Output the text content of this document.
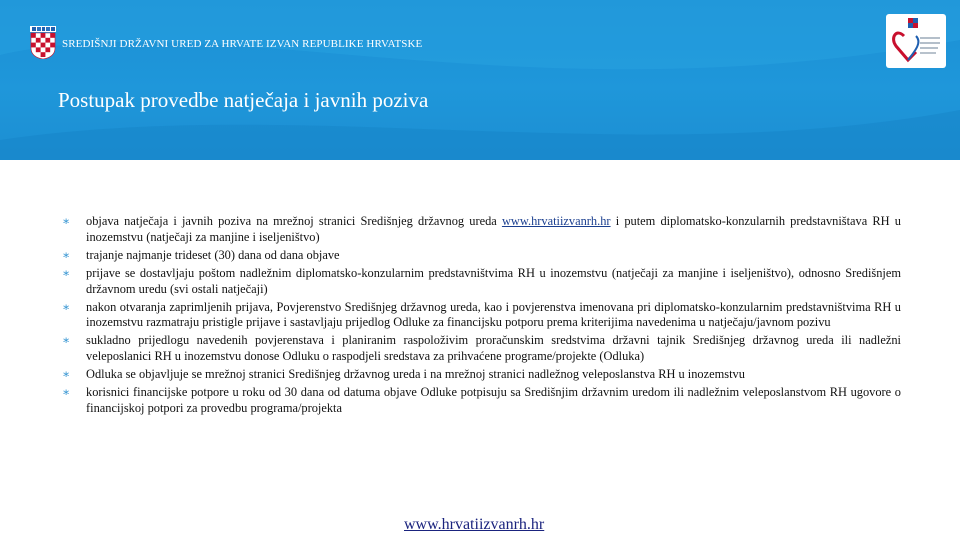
SREDIŠNJI DRŽAVNI URED ZA HRVATE IZVAN REPUBLIKE HRVATSKE
Postupak provedbe natječaja i javnih poziva
∗ objava natječaja i javnih poziva na mrežnoj stranici Središnjeg državnog ureda www.hrvatiizvanrh.hr i putem diplomatsko-konzularnih predstavništava RH u inozemstvu (natječaji za manjine i iseljeništvo)
∗ trajanje najmanje trideset (30) dana od dana objave
∗ prijave se dostavljaju poštom nadležnim diplomatsko-konzularnim predstavništvima RH u inozemstvu (natječaji za manjine i iseljeništvo), odnosno Središnjem državnom uredu (svi ostali natječaji)
∗ nakon otvaranja zaprimljenih prijava, Povjerenstvo Središnjeg državnog ureda, kao i povjerenstva imenovana pri diplomatsko-konzularnim predstavništvima RH u inozemstvu razmatraju pristigle prijave i sastavljaju prijedlog Odluke za financijsku potporu prema kriterijima navedenima u natječaju/javnom pozivu
∗ sukladno prijedlogu navedenih povjerenstava i planiranim raspoloživim proračunskim sredstvima državni tajnik Središnjeg državnog ureda ili nadležni veleposlanici RH u inozemstvu donose Odluku o raspodjeli sredstava za prihvaćene programe/projekte (Odluka)
∗ Odluka se objavljuje se mrežnoj stranici Središnjeg državnog ureda i na mrežnoj stranici nadležnog veleposlanstva RH u inozemstvu
∗ korisnici financijske potpore u roku od 30 dana od datuma objave Odluke potpisuju sa Središnjim državnim uredom ili nadležnim veleposlanstvom RH ugovore o financijskoj potpori za provedbu programa/projekta
www.hrvatiizvanrh.hr
